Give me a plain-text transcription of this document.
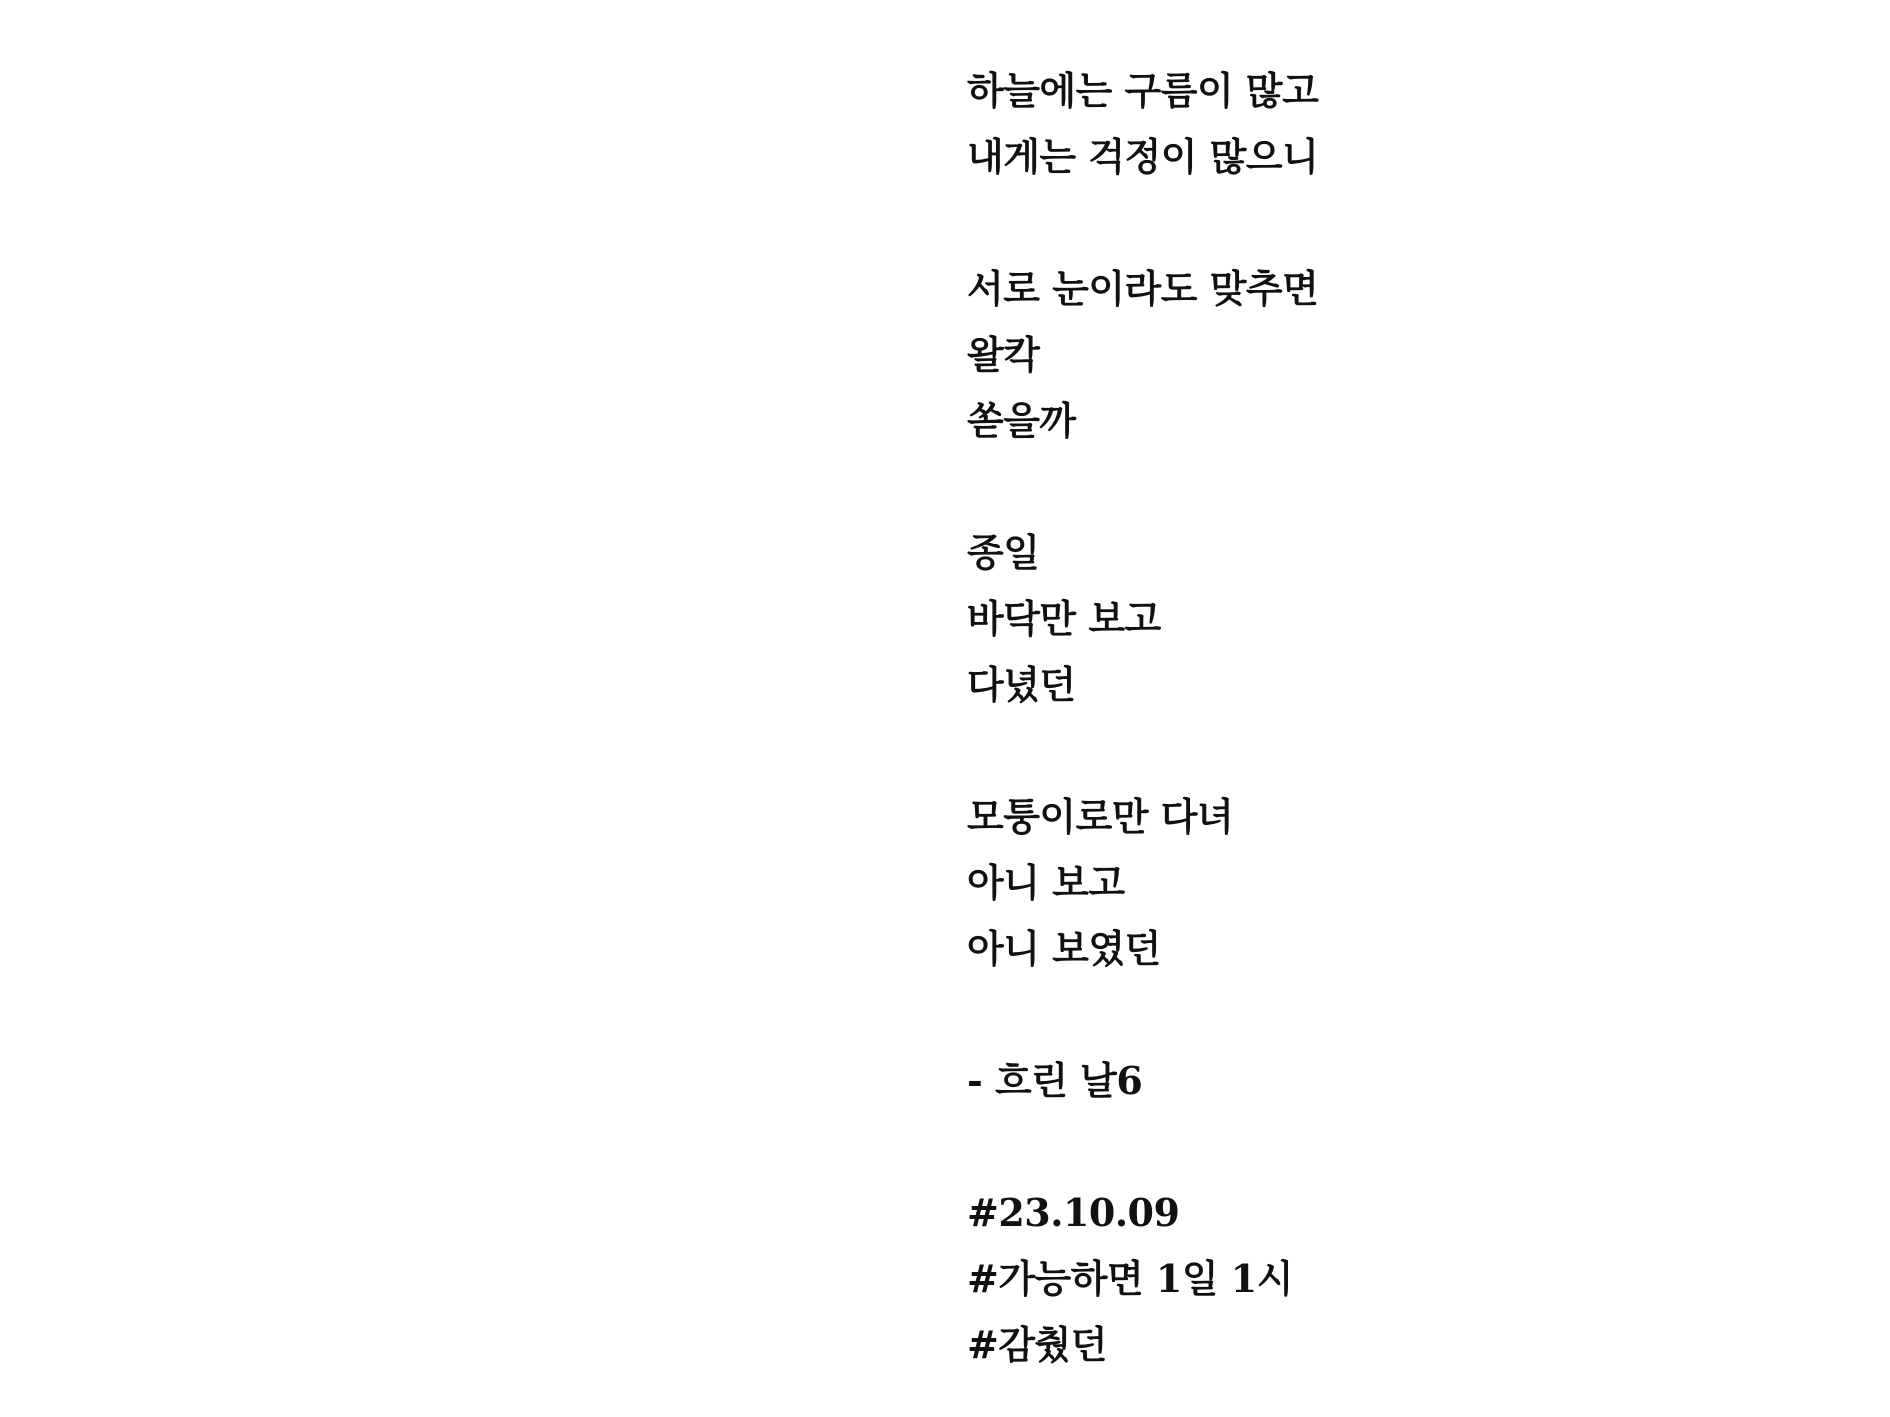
하늘에는 구름이 많고
내게는 걱정이 많으니
서로 눈이라도 맞추면
왈칵
쏟을까
종일
바닥만 보고
다녔던
모퉁이로만 다녀
아니 보고
아니 보였던
- 흐린 날6
#23.10.09
#가능하면 1일 1시
#감췄던
